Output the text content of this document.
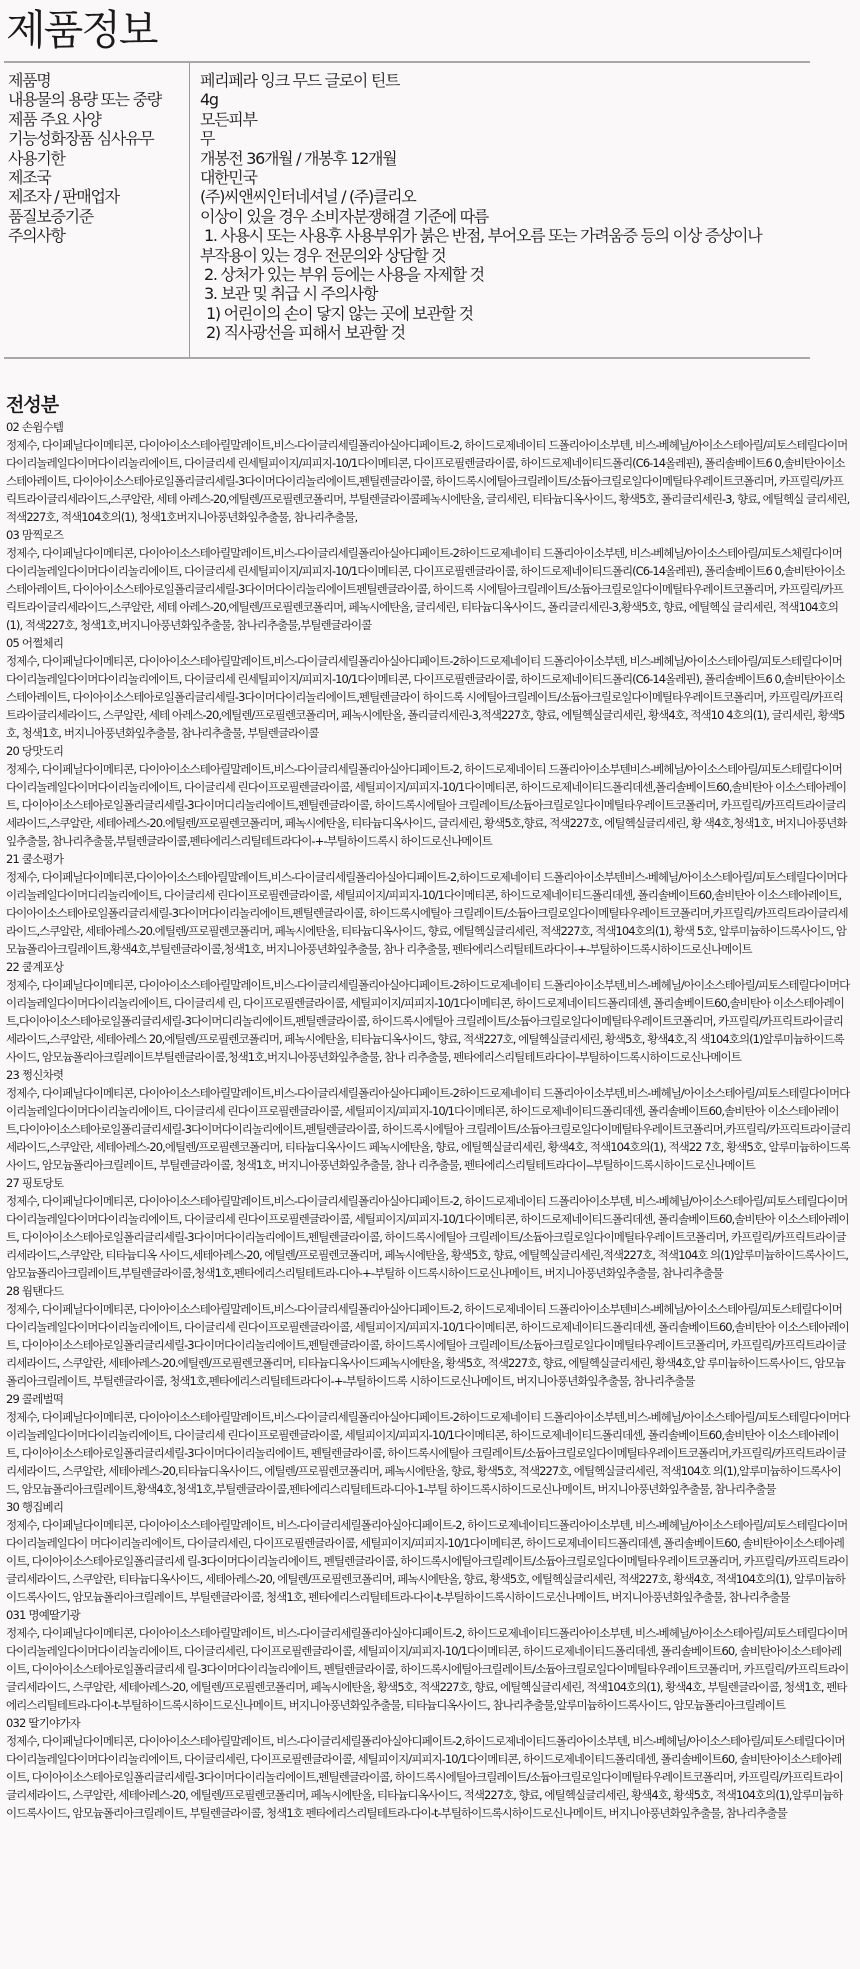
제품정보
제품명
내용물의 용량 또는 중량
제품 주요 사양
기능성화장품 심사유무
사용기한
제조국
제조자 / 판매업자
품질보증기준
주의사항
페리페라 잉크 무드 글로이 틴트
4g
모든피부
무
개봉전 36개월 / 개봉후 12개월
대한민국
(주)씨앤씨인터네셔널 / (주)클리오
이상이 있을 경우 소비자분쟁해결 기준에 따름
1. 사용시 또는 사용후 사용부위가 붉은 반점, 부어오름 또는 가려움증 등의 이상 증상이나
부작용이 있는 경우 전문의와 상담할 것
2. 상처가 있는 부위 등에는 사용을 자제할 것
3. 보관 및 취급 시 주의사항
1) 어린이의 손이 닿지 않는 곳에 보관할 것
2) 직사광선을 피해서 보관할 것
전성분
02 손윔수템
정제수, 다이페닐다이메티콘, 다이아이소스테아릴말레이트,비스-다이글리세릴폴리아실아디페이트-2, 하이드로제네이티 드폴리아이소부텐, 비스-베헤닐/아이소스테아릴/피토스테릴다이머다이리놀레일다이머다이리놀리에이트, 다이글리세 린세틸피이지/피피지-10/1다이메티콘, 다이프로필렌글라이콜, 하이드로제네이티드폴리(C6-14올레핀), 폴리솔베이트6 0,솔비탄아이소스테아레이트, 다이아이소스테아로일폴리글리세릴-3다이머다이리놀리에이트,펜틸렌글라이콜, 하이드록시에틸아크릴레이트/소듐아크릴로일다이메틸타우레이트코폴리머, 카프릴릭/카프릭트라이글리세라이드,스쿠알란, 세테 아레스-20,에틸렌/프로필렌코폴리머, 부틸렌글라이콜페녹시에탄올, 글리세린, 티타늄디옥사이드, 황색5호, 폴리글리세린-3, 향료, 에틸헥실 글리세린, 적색227호, 적색104호의(1), 청색1호버지니아풍년화잎추출물, 참나리추출물,
03 맘찍로즈
정제수, 다이페닐다이메티콘, 다이아이소스테아릴말레이트,비스-다이글리세릴폴리아실아디페이트-2하이드로제네이티 드폴리아이소부텐, 비스-베헤닐/아이소스테아릴/피토스체릴다이머다이리놀레일다이머다이리놀리에이트, 다이글리세 린세틸피이지/피피지-10/1다이메티콘, 다이프로필렌글라이콜, 하이드로제네이티드폴리(C6-14올레핀), 폴리솔베이트6 0,솔비탄아이소스테아레이트, 다이아이소스테아로일폴리글리세릴-3다이머다이리놀리에이트펜틸렌글라이콜, 하이드록 시에틸아크릴레이트/소듐아크릴로일다이메틸타우레이트코폴리머, 카프릴릭/카프릭트라이글리세라이드,스쿠알란, 세테 아레스-20,에틸렌/프로필렌코폴리머, 페녹시에탄올, 글리세린, 티타늄디옥사이드, 폴리글리세린-3,황색5호, 향료, 에틸헥실 글리세린, 적색104호의(1), 적색227호, 청색1호,버지니아풍년화잎추출물, 참나리추출물,부틸렌글라이콜
05 어쩔체리
정제수, 다이페닐다이메티콘, 다이아이소스테아릴말레이트,비스-다이글리세릴폴리아실아디페이트-2하이드로제네이티 드폴리아이소부텐, 비스-베헤닐/아이소스테아릴/피토스테릴다이머다이리놀레일다이머다이리놀리에이트, 다이글리세 린세틸피이지/피피지-10/1다이메티콘, 다이프로필렌글라이콜, 하이드로제네이티드폴리(C6-14올레핀), 폴리솔베이트6 0,솔비탄아이소스테아레이트, 다이아이소스테아로일폴리글리세릴-3다이머다이리놀리에이트,펜틸렌글라이 하이드록 시에틸아크릴레이트/소듐아크릴로일다이메틸타우레이트코폴리머, 카프릴릭/카프릭트라이글리세라이드, 스쿠알란, 세테 아레스-20,에틸렌/프로필렌코폴리머, 페녹시에탄올, 폴리글리세린-3,적색227호, 향료, 에틸헥실글리세린, 황색4호, 적색10 4호의(1), 글리세린, 황색5호, 청색1호, 버지니아풍년화잎추출물, 참나리추출물, 부틸렌글라이콜
20 당맛도리
정제수, 다이페닐다이메티콘, 다이아이소스테아릴말레이트,비스-다이글리세릴폴리아실아디페이트-2, 하이드로제네이티 드폴리아이소부텐비스-베헤닐/아이소스테아릴/피토스테릴다이머다이리놀레일다이머다이리놀리에이트, 다이글리세 린다이프로필렌글라이콜, 세틸피이지/피피지-10/1다이메티콘, 하이드로제네이티드폴리데센,폴리솔베이트60,솔비탄아 이소스테아레이트, 다이아이소스테아로일폴리글리세릴-3다이머디리놀리에이트,펜틸렌글라이콜, 하이드록시에틸아 크릴레이트/소듐아크릴로일다이메틸타우레이트코폴리머, 카프릴릭/카프릭트라이글리세라이드,스쿠알란, 세테아레스-20.에틸렌/프로필렌코폴리머, 페녹시에탄올, 티타늄디옥사이드, 글리세린, 황색5호,향료, 적색227호, 에틸헥실글리세린, 황 색4호,청색1호, 버지니아풍년화잎추출물, 참나리추출물,부틸렌글라이콜,펜타에리스리틸테트라다이-+-부틸하이드록시 하이드로신나메이트
21 쿨소평가
정제수, 다이페닐다이메티콘,다이아이소스테아릴말레이트,비스-다이글리세릴폴리아실아디페이트-2,하이드로제네이티 드폴리아이소부텐비스-베헤닐/아이소스테아릴/피토스테릴다이머다이리놀레일다이머디리놀리에이트, 다이글리세 린다이프로필렌글라이콜, 세틸피이지/피피지-10/1다이메티콘, 하이드로제네이티드폴리데센, 폴리솔베이트60,솔비탄아 이소스테아레이트,다이아이소스테아로일폴리글리세릴-3다이머다이리놀리에이트,펜틸렌글라이콜, 하이드록시에틸아 크릴레이트/소듐아크릴로일다이메틸타우레이트코폴리머,카프릴릭/카프릭트라이글리세라이드,스쿠알란, 세테아레스-20.에틸렌/프로필렌코폴리머, 페녹시에탄올, 티타늄디옥사이드, 향료, 에틸헥실글리세린, 적색227호, 적색104호의(1), 황색 5호, 알루미늄하이드록사이드, 암모늄폴리아크릴레이트,황색4호,부틸렌글라이콜,청색1호, 버지니아풍년화잎추출물, 참나 리추출물, 펜타에리스리틸테트라다이-+-부틸하이드록시하이드로신나메이트
22 쿨계포상
정제수, 다이페닐다이메티콘, 다이아이소스테아릴말레이트,비스-다이글리세릴폴리아실아디페이트-2하이드로제네이티 드폴리아이소부텐,비스-베헤닐/아이소스테아릴/피토스테릴다이머다이리놀레일다이머다이리놀리에이트, 다이글리세 린, 다이프로필렌글라이콜, 세틸피이지/피피지-10/1다이메티콘, 하이드로제네이티드폴리데센, 폴리솔베이트60,솔비탄아 이소스테아레이트,다이아이소스테아로일폴리글리세릴-3다이머디리놀리에이트,펜틸렌글라이콜, 하이드록시에틸아 크릴레이트/소듐아크릴로일다이메틸타우레이트코폴리머, 카프릴릭/카프릭트라이글리세라이드,스쿠알란, 세테아레스 20,에틸렌/프로필렌코폴리머, 페녹시에탄올, 티타늄디옥사이드, 향료, 적색227호, 에틸헥실글리세린, 황색5호, 황색4호,직 색104호의(1)알루미늄하이드록사이드, 암모늄폴리아크릴레이트부틸렌글라이콜,청색1호,버지니아풍년화잎추출물, 참나 리추출물, 펜타에리스리틸테트라다이-부틸하이드록시하이드로신나메이트
23 쩡신차렷
정제수, 다이페닐다이메티콘, 다이아이소스테아릴말레이트,비스-다이글리세릴폴리아실아디페이트-2하이드로제네이티 드폴리아이소부텐,비스-베헤닐/아이소스테아릴/피토스테릴다이머다이리놀레일다이머다이리놀리에이트, 다이글리세 린다이프로필렌글라이콜, 세틸피이지/피피지-10/1다이메티콘, 하이드로제네이티드폴리데센, 폴리솔베이트60,솔비탄아 이소스테아레이트,다이아이소스테아로일폴리글리세릴-3다이머다이리놀리에이트,펜틸렌글라이콜, 하이드록시에틸아 크릴레이트/소듐아크릴로일다이메틸타우레이트코폴리머,카프릴릭/카프릭트라이글리세라이드,스쿠알란, 세테아레스-20,에틸렌/프로필렌코폴리머, 티타늄디옥사이드 페녹시에탄올, 향료, 에틸헥실글리세린, 황색4호, 적색104호의(1), 적색22 7호, 황색5호, 알루미늄하이드록사이드, 암모늄폴리아크릴레이트, 부틸렌글라이콜, 청색1호, 버지니아풍년화잎추출물, 참나 리추출물, 펜타에리스리틸테트라다이--부틸하이드록시하이드로신나메이트
27 핑토당토
정제수, 다이페닐다이메티콘, 다이아이소스테아릴말레이트,비스-다이글리세릴폴리아실아디페이트-2, 하이드로제네이티 드폴리아이소부텐, 비스-베헤닐/아이소스테아릴/피토스테릴다이머다이리놀레일다이머다이리놀리에이트, 다이글리세 린다이프로필렌글라이콜, 세틸피이지/피피지-10/1다이메티콘, 하이드로제네이티드폴리데센, 폴리솔베이트60,솔비탄아 이소스테아레이트, 다이아이소스테아로일폴리글리세릴-3다이머다이리놀리에이트,펜틸렌글라이콜, 하이드록시에틸아 크릴레이트/소듐아크릴로일다이메틸타우레이트코폴리머, 카프릴릭/카프릭트라이글리세라이드,스쿠알란, 티타늄디옥 사이드,세테아레스-20, 에틸렌/프로필렌코폴리머, 페녹시에탄올, 황색5호, 향료, 에틸헥실글리세린,적색227호, 적색104호 의(1)알루미늄하이드록사이드, 암모늄폴리아크릴레이트,부틸렌글라이콜,청색1호,펜타에리스리틸테트라-디아-+-부틸하 이드록시하이드로신나메이트, 버지니아풍년화잎추출물, 참나리추출물
28 웜탠다드
정제수, 다이페닐다이메티콘, 다이아이소스테아릴말레이트,비스-다이글리세릴폴리아실아디페이트-2, 하이드로제네이티 드폴리아이소부텐비스-베헤닐/아이소스테아릴/피토스테릴다이머다이리놀레일다이머다이리놀리에이트, 다이글리세 린다이프로필렌글라이콜, 세틸피이지/피피지-10/1다이메티콘, 하이드로제네이티드폴리데센, 폴리솔베이트60,솔비탄아 이소스테아레이트, 다이아이소스테아로일폴리글리세릴-3다이머다이리놀리에이트,펜틸렌글라이콜, 하이드록시에틸아 크릴레이트/소듐아크릴로일다이메틸타우레이트코폴리머, 카프릴릭/카프릭트라이글리세라이드, 스쿠알란, 세테아레스-20.에틸렌/프로필렌코폴리머, 티타늄디옥사이드페녹시에탄올, 황색5호, 적색227호, 향료, 에틸헥실글리세린, 황색4호,알 루미늄하이드록사이드, 암모늄폴리아크릴레이트, 부틸렌글라이콜, 청색1호,펜타에리스리틸테트라다이-+-부틸하이드록 시하이드로신나메이트, 버지니아풍년화잎추출물, 참나리추출물
29 콜레벌떡
정제수, 다이페닐다이메티콘, 다이아이소스테아릴말레이트,비스-다이글리세릴폴리아실아디페이트-2하이드로제네이티 드폴리아이소부텐,비스-베헤닐/아이소스테아릴/피토스테릴다이머다이리놀레일다이머다이리놀리에이트, 다이글리세 린다이프로필렌글라이콜, 세틸피이지/피피지-10/1다이메티콘, 하이드로제네이티드폴리데센, 폴리솔베이트60,솔비탄아 이소스테아레이트, 다이아이소스테아로일폴리글리세릴-3다이머다이리놀리에이트, 펜틸렌글라이콜, 하이드록시에틸아 크릴레이트/소듐아크릴로일다이메틸타우레이트코폴리머,카프릴릭/카프릭트라이글리세라이드, 스쿠알란, 세테아레스-20,티타늄디옥사이드, 에틸렌/프로필렌코폴리머, 페녹시에탄올, 향료, 황색5호, 적색227호, 에틸헥실글리세린, 적색104호 의(1),알루미늄하이드록사이드, 암모늄폴리아크릴레이트,황색4호,청색1호,부틸렌글라이콜,펜타에리스리틸테트라-디아-1-부틸 하이드록시하이드로신나메이트, 버지니아풍년화잎추출물, 참나리추출물
30 행집베리
정제수, 다이페닐다이메티콘, 다이아이소스테아릴말레이트, 비스-다이글리세릴폴리아실아디페이트-2, 하이드로제네이티드폴리아이소부텐, 비스-베헤닐/아이소스테아릴/피토스테릴다이머다이리놀레일다이 머다이리놀리에이트, 다이글리세린, 다이프로필렌글라이콜, 세틸피이지/피피지-10/1다이메티콘, 하이드로제네이티드폴리데센, 폴리솔베이트60, 솔비탄아이소스테아레이트, 다이아이소스테아로일폴리글리세 릴-3다이머다이리놀리에이트, 펜틸렌글라이콜, 하이드록시에틸아크릴레이트/소듐아크릴로일다이메틸타우레이트코폴리머, 카프릴릭/카프릭트라이글리세라이드, 스쿠알란, 티타늄디옥사이드, 세테아레스-20, 에틸렌/프로필렌코폴리머, 페녹시에탄올, 향료, 황색5호, 에틸헥실글리세린, 적색227호, 황색4호, 적색104호의(1), 알루미늄하이드록사이드, 암모늄폴리아크릴레이트, 부틸렌글라이콜, 청색1호, 펜타에리스리틸테트라-다이-t-부틸하이드록시하이드로신나메이트, 버지니아풍년화잎추출물, 참나리추출물
031 명예딸기광
정제수, 다이페닐다이메티콘, 다이아이소스테아릴말레이트, 비스-다이글리세릴폴리아실아디페이트-2, 하이드로제네이티드폴리아이소부텐, 비스-베헤닐/아이소스테아릴/피토스테릴다이머다이리놀레일다이머다이리놀리에이트, 다이글리세린, 다이프로필렌글라이콜, 세틸피이지/피피지-10/1다이메티콘, 하이드로제네이티드폴리데센, 폴리솔베이트60, 솔비탄아이소스테아레이트, 다이아이소스테아로일폴리글리세 릴-3다이머다이리놀리에이트, 펜틸렌글라이콜, 하이드록시에틸아크릴레이트/소듐아크릴로일다이메틸타우레이트코폴리머, 카프릴릭/카프릭트라이글리세라이드, 스쿠알란, 세테아레스-20, 에틸렌/프로필렌코폴리머, 페녹시에탄올, 황색5호, 적색227호, 향료, 에틸헥실글리세린, 적색104호의(1), 황색4호, 부틸렌글라이콜, 청색1호, 펜타에리스리틸테트라-다이-t-부틸하이드록시하이드로신나메이트, 버지니아풍년화잎추출물, 티타늄디옥사이드, 참나리추출물,알루미늄하이드록사이드, 암모늄폴리아크릴레이트
032 딸기야가자
정제수, 다이페닐다이메티콘, 다이아이소스테아릴말레이트, 비스-다이글리세릴폴리아실아디페이트-2,하이드로제네이티드폴리아이소부텐, 비스-베헤닐/아이소스테아릴/피토스테릴다이머다이리놀레일다이머다이리놀리에이트, 다이글리세린, 다이프로필렌글라이콜, 세틸피이지/피피지-10/1다이메티콘, 하이드로제네이티드폴리데센, 폴리솔베이트60, 솔비탄아이소스테아레이트, 다이아이소스테아로일폴리글리세릴-3다이머다이리놀리에이트,펜틸렌글라이콜, 하이드록시에틸아크릴레이트/소듐아크릴로일다이메틸타우레이트코폴리머, 카프릴릭/카프릭트라이글리세라이드, 스쿠알란, 세테아레스-20, 에틸렌/프로필렌코폴리머, 페녹시에탄올, 티타늄디옥사이드, 적색227호, 향료, 에틸헥실글리세린, 황색4호, 황색5호, 적색104호의(1),알루미늄하이드록사이드, 암모늄폴리아크릴레이트, 부틸렌글라이콜, 청색1호 펜타에리스리틸테트라-다이-t-부틸하이드록시하이드로신나메이트, 버지니아풍년화잎추출물, 참나리추출물
